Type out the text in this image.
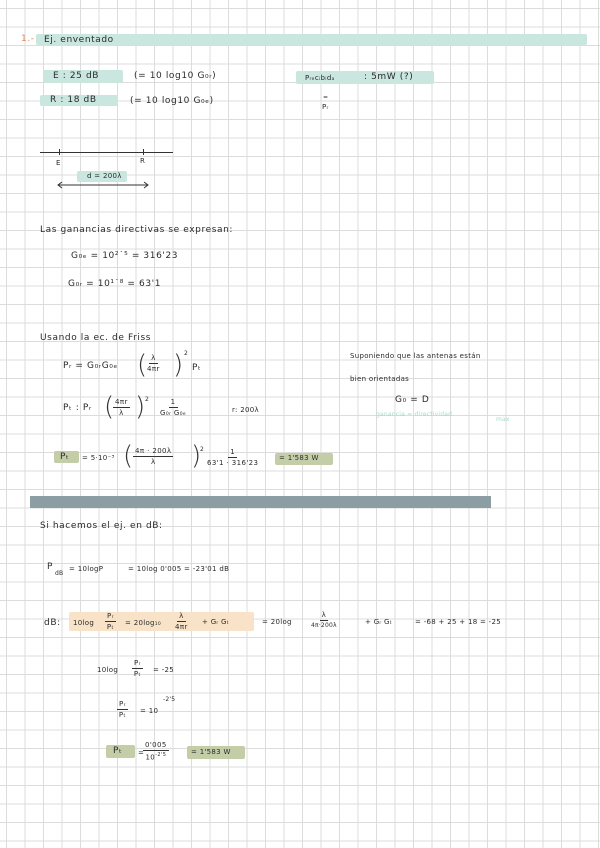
1.- Ej. enventado
E : 25 dB	(= 10 log10 G₀ᵣ)
R : 18 dB	(= 10 log10 G₀ₑ)
Pᵣₑcᵢbᵢdₐ	: 5mW (?)
=
Pᵣ
E	R
d = 200λ
Las ganancias directivas se expresan:
G₀ₑ = 10²˙⁵ = 316'23
G₀ᵣ = 10¹˙⁸ = 63'1
Usando la ec. de Friss
Pᵣ = G₀ᵣG₀ₑ ( $\frac{\lambda}{4\pi r}$ ) 2
Pₜ
Pₜ : Pᵣ (
$\frac{4\pi r}{\lambda}$ ) $2 \frac{1}{\text{G₀ᵣ G₀ₑ}}$	r: 200λ
Suponiendo que las antenas están
bien orientadas
G₀ = D
ganancia = directividad
max
Pₜ = 5·10⁻³ ( $\frac{4\pi \cdot 200\lambda}{\lambda}$ )
$2 \frac{1}{63'1 \cdot 316'23}$	= 1'583 W
Si hacemos el ej. en dB:
P
dB
= 10logP	= 10log 0'005 = -23'01 dB
dB: $10\log \frac{\text{Pᵣ}}{\text{Pₜ}} = 20\log_{10} \frac{\lambda}{4\pi r}$ + Gᵣ Gₜ	= 20log	$\frac{\lambda}{4\pi\cdot 200\lambda}$	+ Gᵣ Gₜ	= -68 + 25 + 18 = -25
$10\log \frac{\text{Pᵣ}}{\text{Pₜ}} = -25$
$\frac{\text{Pᵣ}}{\text{Pₜ}} = 10$
-2'5
Pₜ =
$\frac{0'005}{10^{-2'5}}$	= 1'583 W
